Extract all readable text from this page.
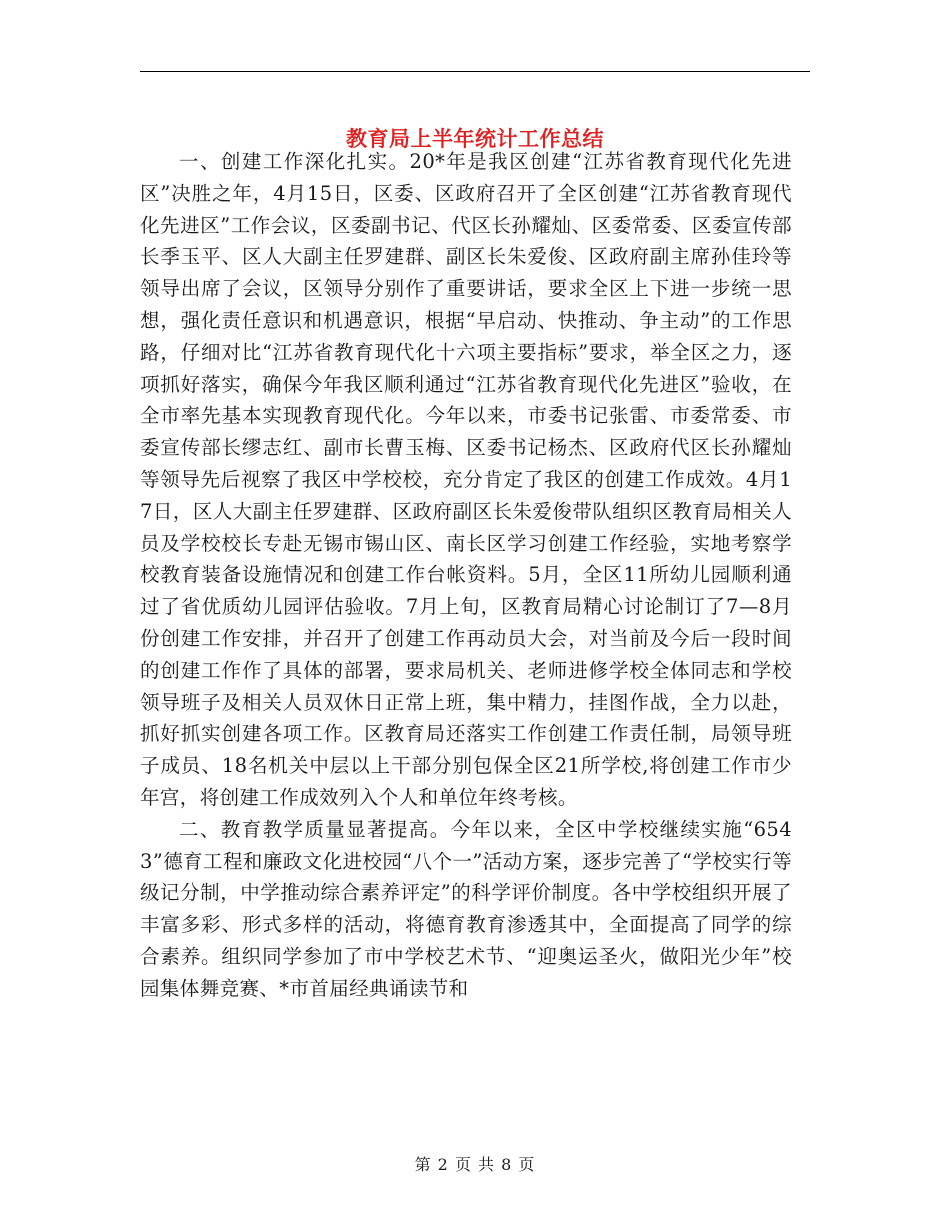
教育局上半年统计工作总结

一、创建工作深化扎实。20*年是我区创建“江苏省教育现代化先进区”决胜之年，4月15日，区委、区政府召开了全区创建“江苏省教育现代化先进区”工作会议，区委副书记、代区长孙耀灿、区委常委、区委宣传部长季玉平、区人大副主任罗建群、副区长朱爱俊、区政府副主席孙佳玲等领导出席了会议，区领导分别作了重要讲话，要求全区上下进一步统一思想，强化责任意识和机遇意识，根据“早启动、快推动、争主动”的工作思路，仔细对比“江苏省教育现代化十六项主要指标”要求，举全区之力，逐项抓好落实，确保今年我区顺利通过“江苏省教育现代化先进区”验收，在全市率先基本实现教育现代化。今年以来，市委书记张雷、市委常委、市委宣传部长缪志红、副市长曹玉梅、区委书记杨杰、区政府代区长孙耀灿等领导先后视察了我区中学校校，充分肯定了我区的创建工作成效。4月17日，区人大副主任罗建群、区政府副区长朱爱俊带队组织区教育局相关人员及学校校长专赴无锡市锡山区、南长区学习创建工作经验，实地考察学校教育装备设施情况和创建工作台帐资料。5月，全区11所幼儿园顺利通过了省优质幼儿园评估验收。7月上旬，区教育局精心讨论制订了7—8月份创建工作安排，并召开了创建工作再动员大会，对当前及今后一段时间的创建工作作了具体的部署，要求局机关、老师进修学校全体同志和学校领导班子及相关人员双休日正常上班，集中精力，挂图作战，全力以赴，抓好抓实创建各项工作。区教育局还落实工作创建工作责任制，局领导班子成员、18名机关中层以上干部分别包保全区21所学校,将创建工作市少年宫，将创建工作成效列入个人和单位年终考核。

二、教育教学质量显著提高。今年以来，全区中学校继续实施“6543”德育工程和廉政文化进校园“八个一”活动方案，逐步完善了“学校实行等级记分制，中学推动综合素养评定”的科学评价制度。各中学校组织开展了丰富多彩、形式多样的活动，将德育教育渗透其中，全面提高了同学的综合素养。组织同学参加了市中学校艺术节、“迎奥运圣火，做阳光少年”校园集体舞竞赛、*市首届经典诵读节和

第 2 页 共 8 页
